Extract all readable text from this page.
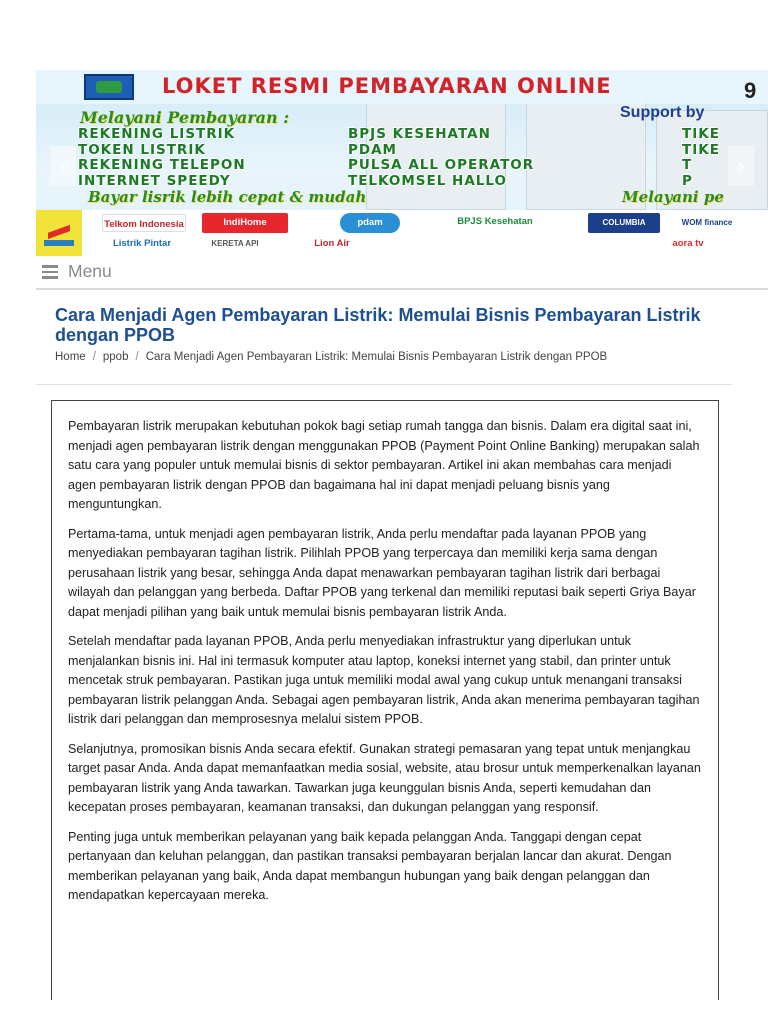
LOKET RESMI PEMBAYARAN ONLINE	9
Support by
Melayani Pembayaran :
REKENING LISTRIK
TOKEN LISTRIK
REKENING TELEPON
INTERNET SPEEDY
BPJS KESEHATAN
PDAM
PULSA ALL OPERATOR
TELKOMSEL HALLO
TIKE
TIKE
T
P
Bayar lisrik lebih cepat & mudah	Melayani pe
‹	›
Telkom Indonesia	IndiHome	pdam	BPJS Kesehatan	COLUMBIA	WOM finance
Listrik Pintar	KERETA API	Lion Air	aora tv
Menu
Cara Menjadi Agen Pembayaran Listrik: Memulai Bisnis Pembayaran Listrik dengan PPOB
Home / ppob / Cara Menjadi Agen Pembayaran Listrik: Memulai Bisnis Pembayaran Listrik dengan PPOB

Pembayaran listrik merupakan kebutuhan pokok bagi setiap rumah tangga dan bisnis. Dalam era digital saat ini, menjadi agen pembayaran listrik dengan menggunakan PPOB (Payment Point Online Banking) merupakan salah satu cara yang populer untuk memulai bisnis di sektor pembayaran. Artikel ini akan membahas cara menjadi agen pembayaran listrik dengan PPOB dan bagaimana hal ini dapat menjadi peluang bisnis yang menguntungkan.

Pertama-tama, untuk menjadi agen pembayaran listrik, Anda perlu mendaftar pada layanan PPOB yang menyediakan pembayaran tagihan listrik. Pilihlah PPOB yang terpercaya dan memiliki kerja sama dengan perusahaan listrik yang besar, sehingga Anda dapat menawarkan pembayaran tagihan listrik dari berbagai wilayah dan pelanggan yang berbeda. Daftar PPOB yang terkenal dan memiliki reputasi baik seperti Griya Bayar dapat menjadi pilihan yang baik untuk memulai bisnis pembayaran listrik Anda.

Setelah mendaftar pada layanan PPOB, Anda perlu menyediakan infrastruktur yang diperlukan untuk menjalankan bisnis ini. Hal ini termasuk komputer atau laptop, koneksi internet yang stabil, dan printer untuk mencetak struk pembayaran. Pastikan juga untuk memiliki modal awal yang cukup untuk menangani transaksi pembayaran listrik pelanggan Anda. Sebagai agen pembayaran listrik, Anda akan menerima pembayaran tagihan listrik dari pelanggan dan memprosesnya melalui sistem PPOB.

Selanjutnya, promosikan bisnis Anda secara efektif. Gunakan strategi pemasaran yang tepat untuk menjangkau target pasar Anda. Anda dapat memanfaatkan media sosial, website, atau brosur untuk memperkenalkan layanan pembayaran listrik yang Anda tawarkan. Tawarkan juga keunggulan bisnis Anda, seperti kemudahan dan kecepatan proses pembayaran, keamanan transaksi, dan dukungan pelanggan yang responsif.

Penting juga untuk memberikan pelayanan yang baik kepada pelanggan Anda. Tanggapi dengan cepat pertanyaan dan keluhan pelanggan, dan pastikan transaksi pembayaran berjalan lancar dan akurat. Dengan memberikan pelayanan yang baik, Anda dapat membangun hubungan yang baik dengan pelanggan dan mendapatkan kepercayaan mereka.
